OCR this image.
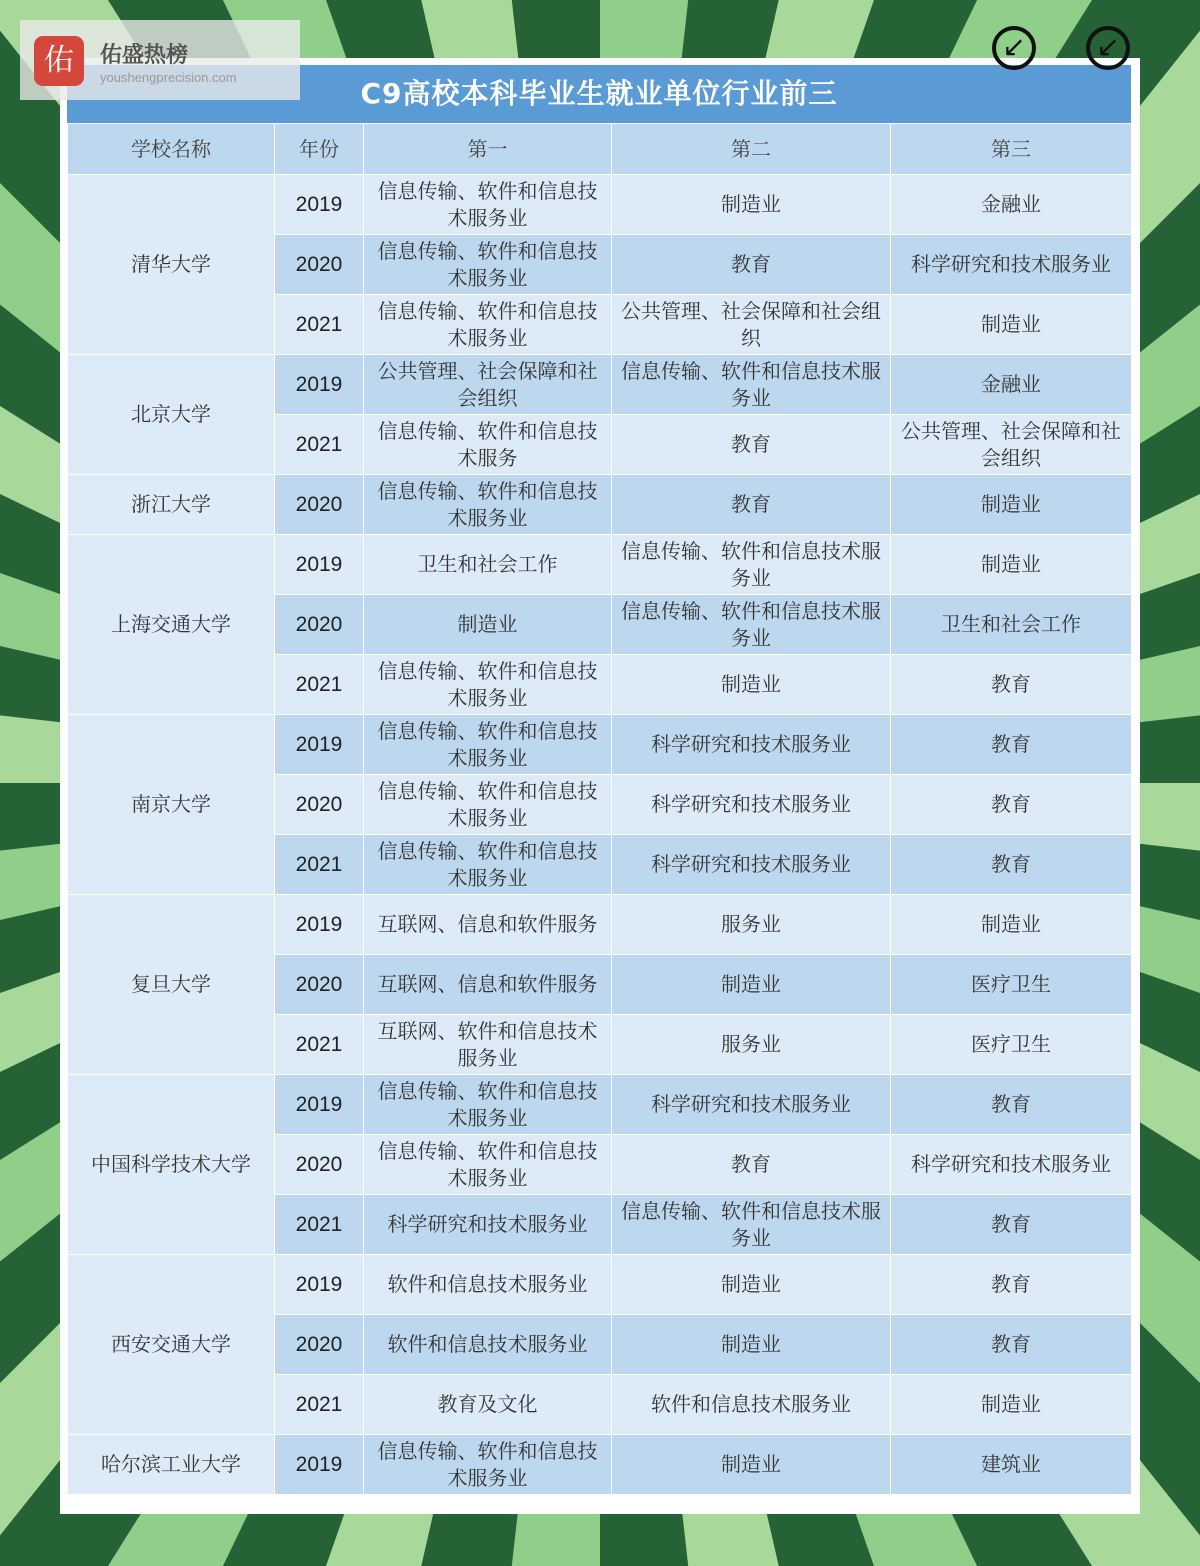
佑	佑盛热榜
youshengprecision.com
↙	↙
C9高校本科毕业生就业单位行业前三
学校名称	年份	第一	第二	第三
清华大学	2019	信息传输、软件和信息技术服务业	制造业	金融业
	2020	信息传输、软件和信息技术服务业	教育	科学研究和技术服务业
	2021	信息传输、软件和信息技术服务业	公共管理、社会保障和社会组织	制造业
北京大学	2019	公共管理、社会保障和社会组织	信息传输、软件和信息技术服务业	金融业
	2021	信息传输、软件和信息技术服务	教育	公共管理、社会保障和社会组织
浙江大学	2020	信息传输、软件和信息技术服务业	教育	制造业
上海交通大学	2019	卫生和社会工作	信息传输、软件和信息技术服务业	制造业
	2020	制造业	信息传输、软件和信息技术服务业	卫生和社会工作
	2021	信息传输、软件和信息技术服务业	制造业	教育
南京大学	2019	信息传输、软件和信息技术服务业	科学研究和技术服务业	教育
	2020	信息传输、软件和信息技术服务业	科学研究和技术服务业	教育
	2021	信息传输、软件和信息技术服务业	科学研究和技术服务业	教育
复旦大学	2019	互联网、信息和软件服务	服务业	制造业
	2020	互联网、信息和软件服务	制造业	医疗卫生
	2021	互联网、软件和信息技术服务业	服务业	医疗卫生
中国科学技术大学	2019	信息传输、软件和信息技术服务业	科学研究和技术服务业	教育
	2020	信息传输、软件和信息技术服务业	教育	科学研究和技术服务业
	2021	科学研究和技术服务业	信息传输、软件和信息技术服务业	教育
西安交通大学	2019	软件和信息技术服务业	制造业	教育
	2020	软件和信息技术服务业	制造业	教育
	2021	教育及文化	软件和信息技术服务业	制造业
哈尔滨工业大学	2019	信息传输、软件和信息技术服务业	制造业	建筑业
